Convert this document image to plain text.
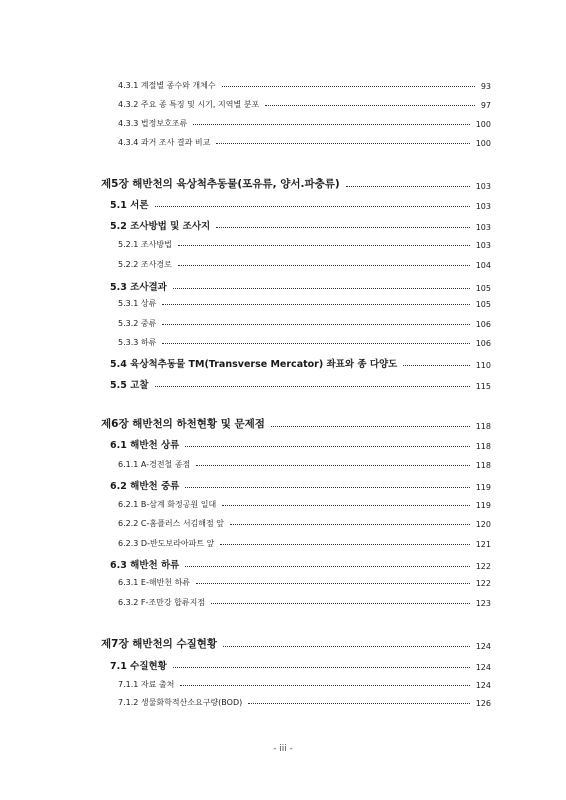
4.3.1 계절별 종수와 개체수	93
4.3.2 주요 종 특징 및 시기, 지역별 분포	97
4.3.3 법정보호조류	100
4.3.4 과거 조사 결과 비교	100
제5장 해반천의 육상척추동물(포유류, 양서.파충류)	103
5.1 서론	103
5.2 조사방법 및 조사지	103
5.2.1 조사방법	103
5.2.2 조사경로	104
5.3 조사결과	105
5.3.1 상류	105
5.3.2 중류	106
5.3.3 하류	106
5.4 육상척추동물 TM(Transverse Mercator) 좌표와 종 다양도	110
5.5 고찰	115
제6장 해반천의 하천현황 및 문제점	118
6.1 해반천 상류	118
6.1.1 A-경전철 종점	118
6.2 해반천 중류	119
6.2.1 B-삼계 화정공원 일대	119
6.2.2 C-홈플러스 서김해점 앞	120
6.2.3 D-반도보라아파트 앞	121
6.3 해반천 하류	122
6.3.1 E-해반천 하류	122
6.3.2 F-조만강 합류지점	123
제7장 해반천의 수질현황	124
7.1 수질현황	124
7.1.1 자료 출처	124
7.1.2 생물화학적산소요구량(BOD)	126
- iii -
